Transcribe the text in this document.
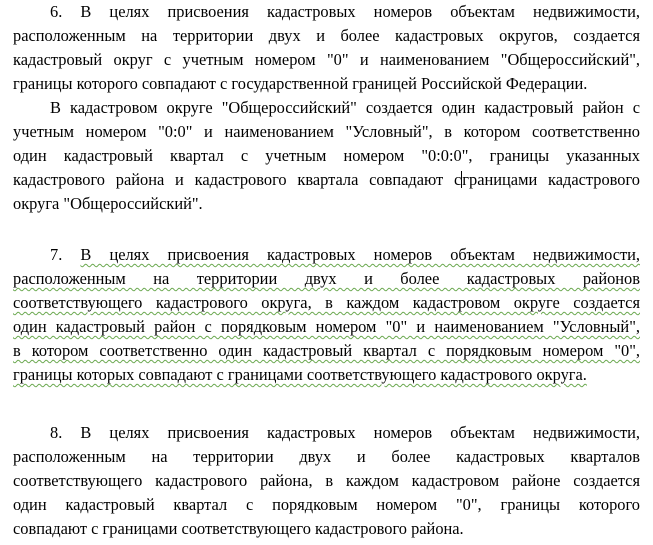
6. В целях присвоения кадастровых номеров объектам недвижимости,
расположенным на территории двух и более кадастровых округов, создается
кадастровый округ с учетным номером "0" и наименованием "Общероссийский",
границы которого совпадают с государственной границей Российской Федерации.
В кадастровом округе "Общероссийский" создается один кадастровый район с
учетным номером "0:0" и наименованием "Условный", в котором соответственно
один кадастровый квартал с учетным номером "0:0:0", границы указанных
кадастрового района и кадастрового квартала совпадают сграницами кадастрового
округа "Общероссийский".
7. В целях присвоения кадастровых номеров объектам недвижимости,
расположенным на территории двух и более кадастровых районов
соответствующего кадастрового округа, в каждом кадастровом округе создается
один кадастровый район с порядковым номером "0" и наименованием "Условный",
в котором соответственно один кадастровый квартал с порядковым номером "0",
границы которых совпадают с границами соответствующего кадастрового округа.
8. В целях присвоения кадастровых номеров объектам недвижимости,
расположенным на территории двух и более кадастровых кварталов
соответствующего кадастрового района, в каждом кадастровом районе создается
один кадастровый квартал с порядковым номером "0", границы которого
совпадают с границами соответствующего кадастрового района.
